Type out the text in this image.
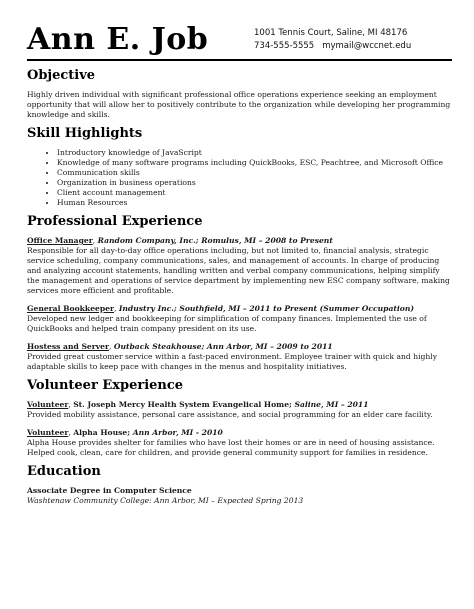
Ann E. Job	1001 Tennis Court, Saline, MI 48176
734-555-5555 mymail@wccnet.edu
Objective

Highly driven individual with significant professional office operations experience seeking an employment opportunity that will allow her to positively contribute to the organization while developing her programming knowledge and skills.

Skill Highlights
• Introductory knowledge of JavaScript
• Knowledge of many software programs including QuickBooks, ESC, Peachtree, and Microsoft Office
• Communication skills
• Organization in business operations
• Client account management
• Human Resources
Professional Experience
Office Manager, Random Company, Inc.; Romulus, MI – 2008 to Present

Responsible for all day-to-day office operations including, but not limited to, financial analysis, strategic service scheduling, company communications, sales, and management of accounts. In charge of producing and analyzing account statements, handling written and verbal company communications, helping simplify the management and operations of service department by implementing new ESC company software, making services more efficient and profitable.

General Bookkeeper, Industry Inc.; Southfield, MI – 2011 to Present (Summer Occupation)

Developed new ledger and bookkeeping for simplification of company finances. Implemented the use of QuickBooks and helped train company president on its use.

Hostess and Server, Outback Steakhouse; Ann Arbor, MI – 2009 to 2011

Provided great customer service within a fast-paced environment. Employee trainer with quick and highly adaptable skills to keep pace with changes in the menus and hospitality initiatives.

Volunteer Experience
Volunteer, St. Joseph Mercy Health System Evangelical Home; Saline, MI – 2011

Provided mobility assistance, personal care assistance, and social programming for an elder care facility.

Volunteer, Alpha House; Ann Arbor, MI - 2010

Alpha House provides shelter for families who have lost their homes or are in need of housing assistance. Helped cook, clean, care for children, and provide general community support for families in residence.

Education
Associate Degree in Computer Science
Washtenaw Community College: Ann Arbor, MI – Expected Spring 2013
